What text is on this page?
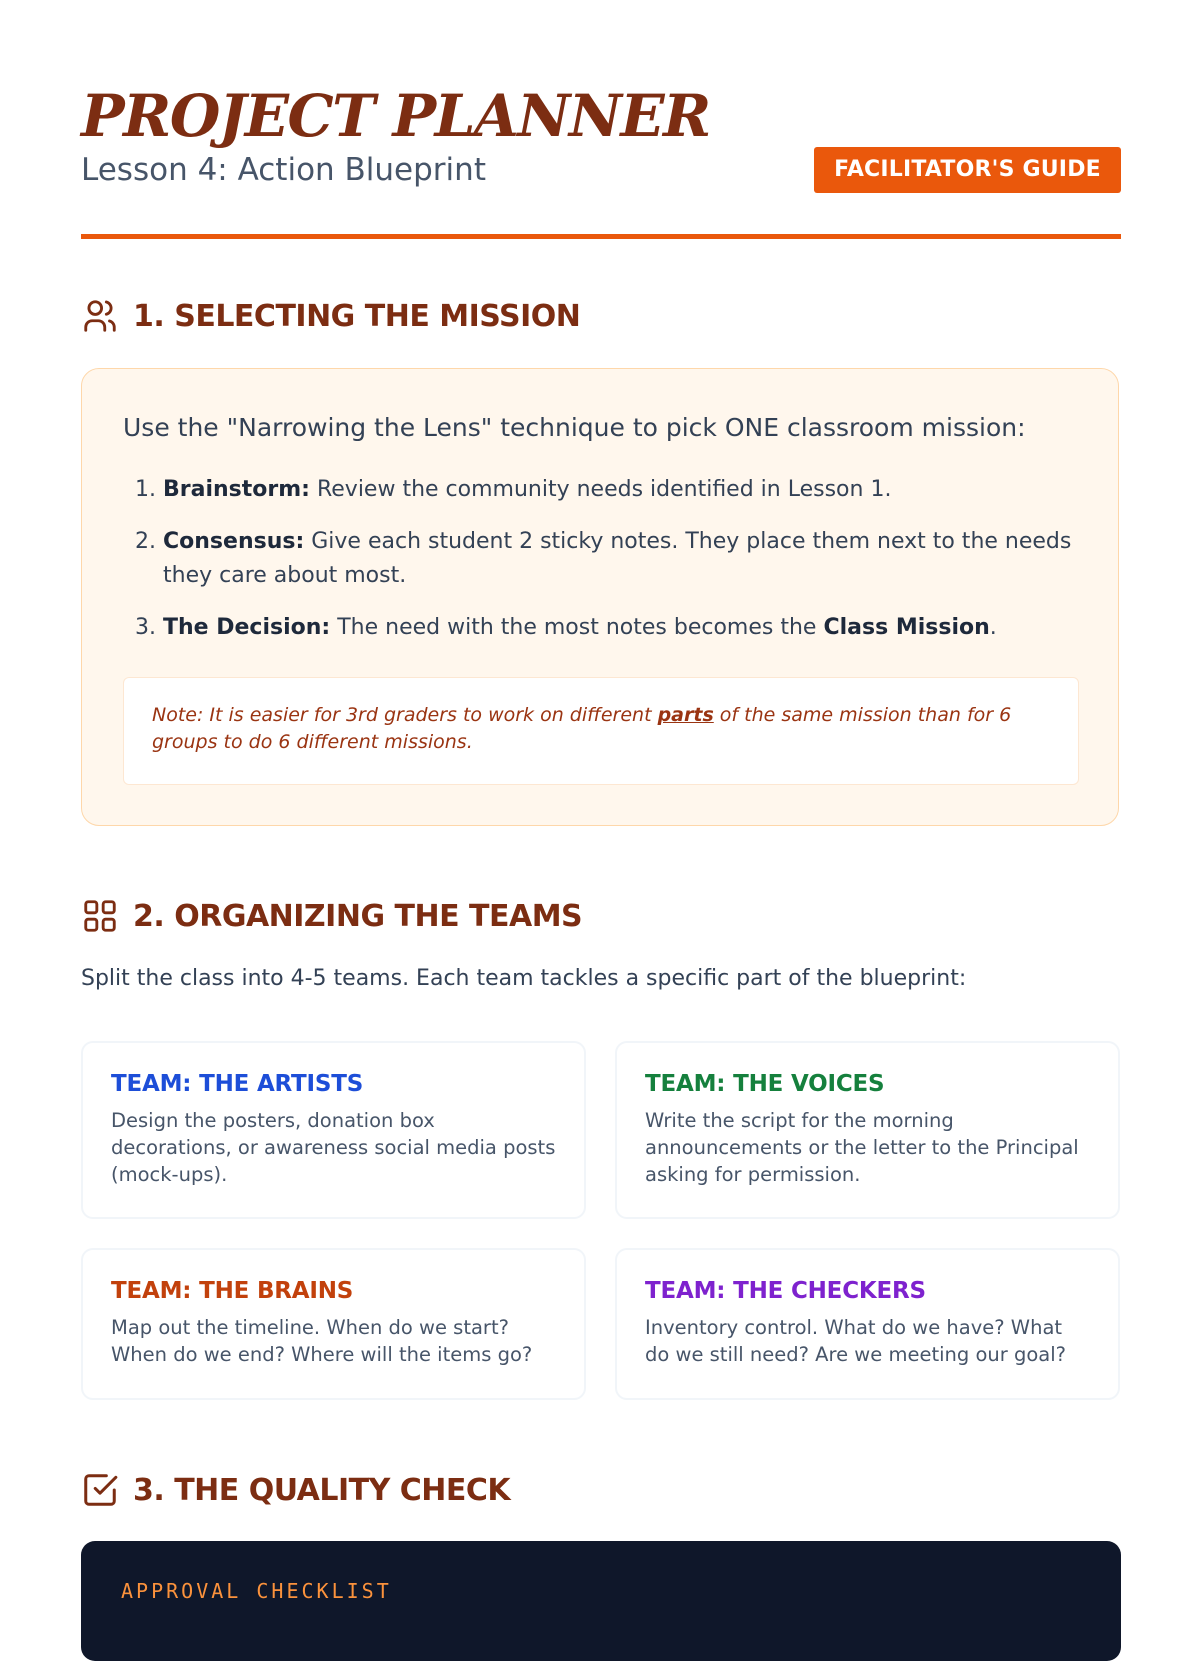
PROJECT PLANNER
Lesson 4: Action Blueprint	FACILITATOR'S GUIDE
1. SELECTING THE MISSION
Use the "Narrowing the Lens" technique to pick ONE classroom mission:
1. Brainstorm: Review the community needs identified in Lesson 1.
2. Consensus: Give each student 2 sticky notes. They place them next to the needs they care about most.
3. The Decision: The need with the most notes becomes the Class Mission.
Note: It is easier for 3rd graders to work on different parts of the same mission than for 6 groups to do 6 different missions.
2. ORGANIZING THE TEAMS
Split the class into 4-5 teams. Each team tackles a specific part of the blueprint:
TEAM: THE ARTISTS
Design the posters, donation box decorations, or awareness social media posts (mock-ups).
TEAM: THE VOICES
Write the script for the morning announcements or the letter to the Principal asking for permission.
TEAM: THE BRAINS
Map out the timeline. When do we start? When do we end? Where will the items go?
TEAM: THE CHECKERS
Inventory control. What do we have? What do we still need? Are we meeting our goal?
3. THE QUALITY CHECK
APPROVAL CHECKLIST
